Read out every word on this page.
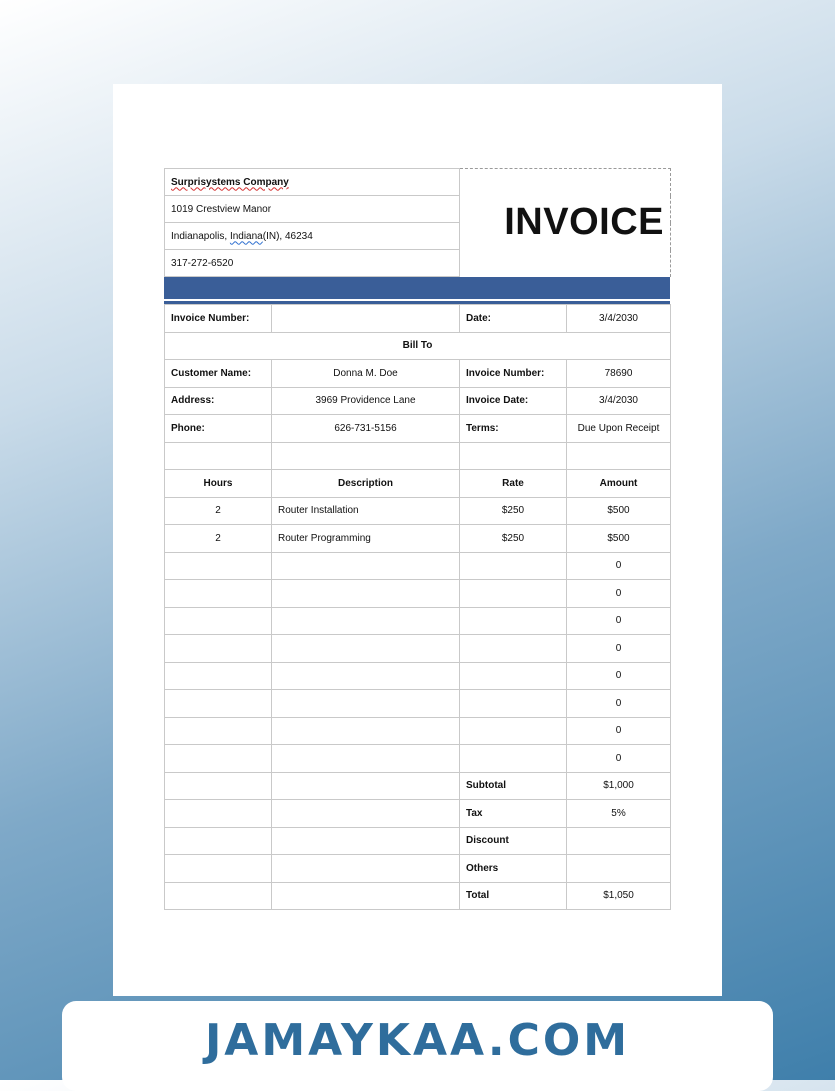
Surprisystems Company	INVOICE
1019 Crestview Manor
Indianapolis, Indiana(IN), 46234
317-272-6520
Invoice Number:		Date:	3/4/2030
Bill To			
Customer Name:	Donna M. Doe	Invoice Number:	78690
Address:	3969 Providence Lane	Invoice Date:	3/4/2030
Phone:	626-731-5156	Terms:	Due Upon Receipt

Hours	Description	Rate	Amount
2	Router Installation	$250	$500
2	Router Programming	$250	$500
			0
			0
			0
			0
			0
			0
			0
			0
		Subtotal	$1,000
		Tax	5%
		Discount	
		Others	
		Total	$1,050
JAMAYKAA.COM
